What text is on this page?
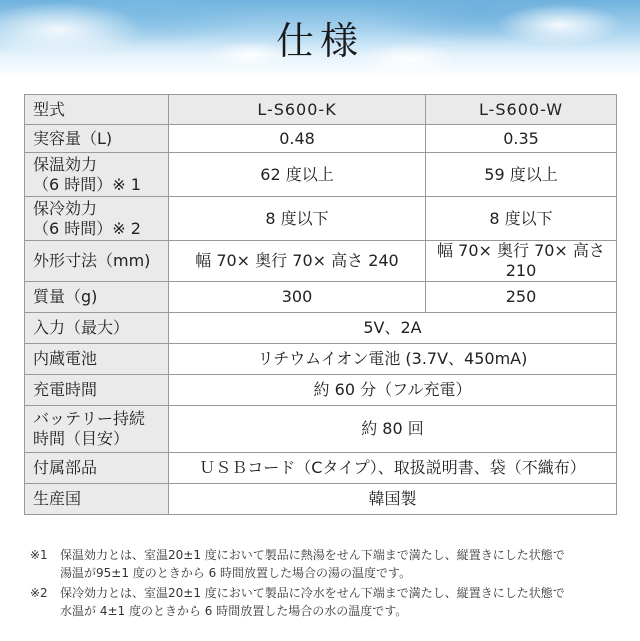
仕様
型式	L-S600-K	L-S600-W
実容量（L)	0.48	0.35

保温効力
（6 時間）※ 1	62 度以上	59 度以上

保冷効力
（6 時間）※ 2	8 度以下	8 度以下
外形寸法（mm)	幅 70× 奥行 70× 高さ 240	幅 70× 奥行 70× 高さ 210
質量（g)	300	250
入力（最大）	5V、2A	
内蔵電池	リチウムイオン電池 (3.7V、450mA)	
充電時間	約 60 分（フル充電）	

バッテリー持続
時間（目安）	約 80 回	
付属部品	ＵＳＢコード（Cタイプ）、取扱説明書、袋（不織布）	
生産国	韓国製	
※1	保温効力とは、室温20±1 度において製品に熱湯をせん下端まで満たし、縦置きにした状態で
湯温が95±1 度のときから 6 時間放置した場合の湯の温度です。
※2	保冷効力とは、室温20±1 度において製品に冷水をせん下端まで満たし、縦置きにした状態で
水温が 4±1 度のときから 6 時間放置した場合の水の温度です。
